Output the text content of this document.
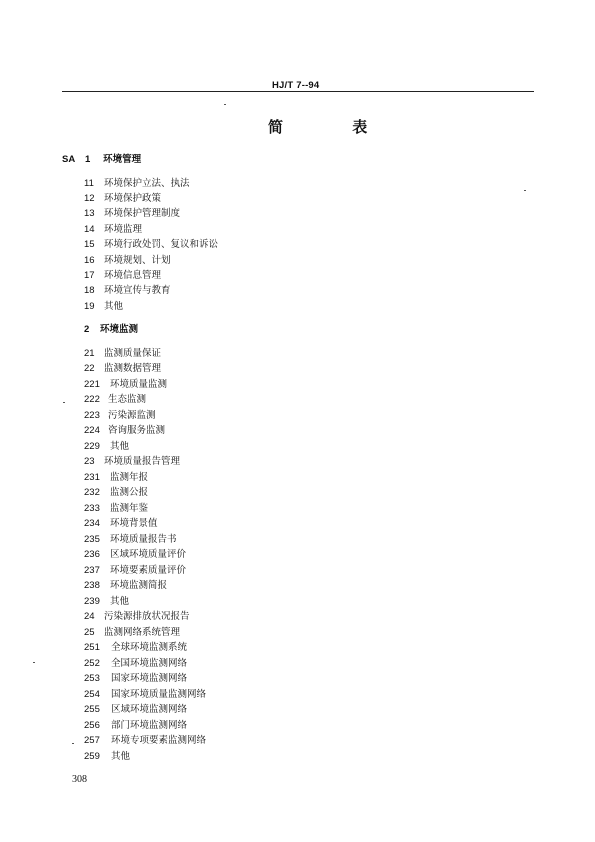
HJ/T 7--94
简 表
SA 1 环境管理
11 环境保护立法、执法
12 环境保护政策
13 环境保护管理制度
14 环境监理
15 环境行政处罚、复议和诉讼
16 环境规划、计划
17 环境信息管理
18 环境宣传与教育
19 其他
2 环境监测
21 监测质量保证
22 监测数据管理
221 环境质量监测
222 生态监测
223 污染源监测
224 咨询服务监测
229 其他
23 环境质量报告管理
231 监测年报
232 监测公报
233 监测年鉴
234 环境背景值
235 环境质量报告书
236 区域环境质量评价
237 环境要素质量评价
238 环境监测简报
239 其他
24 污染源排放状况报告
25 监测网络系统管理
251 全球环境监测系统
252 全国环境监测网络
253 国家环境监测网络
254 国家环境质量监测网络
255 区域环境监测网络
256 部门环境监测网络
257 环境专项要素监测网络
259 其他
308
